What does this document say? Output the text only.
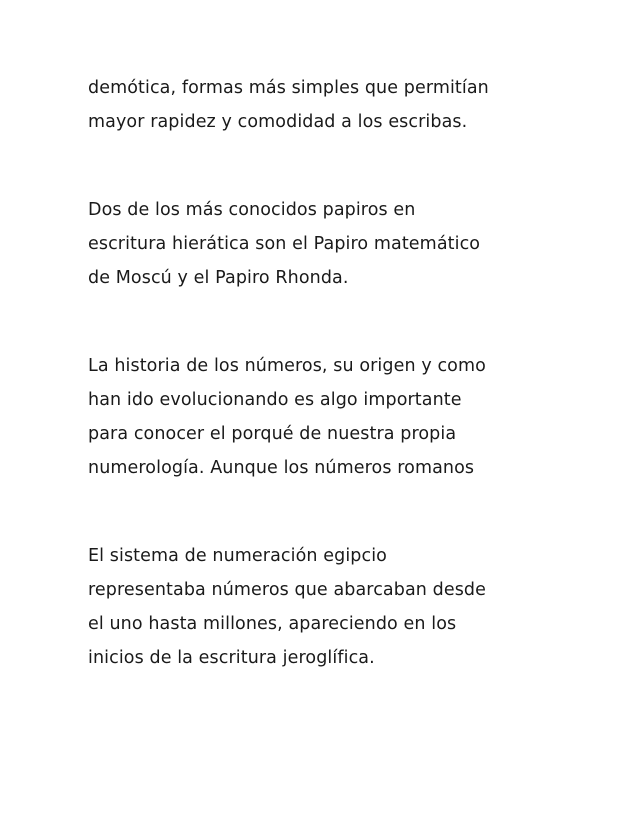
demótica, formas más simples que permitían
mayor rapidez y comodidad a los escribas.

Dos de los más conocidos papiros en
escritura hierática son el Papiro matemático
de Moscú y el Papiro Rhonda.

La historia de los números, su origen y como
han ido evolucionando es algo importante
para conocer el porqué de nuestra propia
numerología. Aunque los números romanos

El sistema de numeración egipcio
representaba números que abarcaban desde
el uno hasta millones, apareciendo en los
inicios de la escritura jeroglífica.
